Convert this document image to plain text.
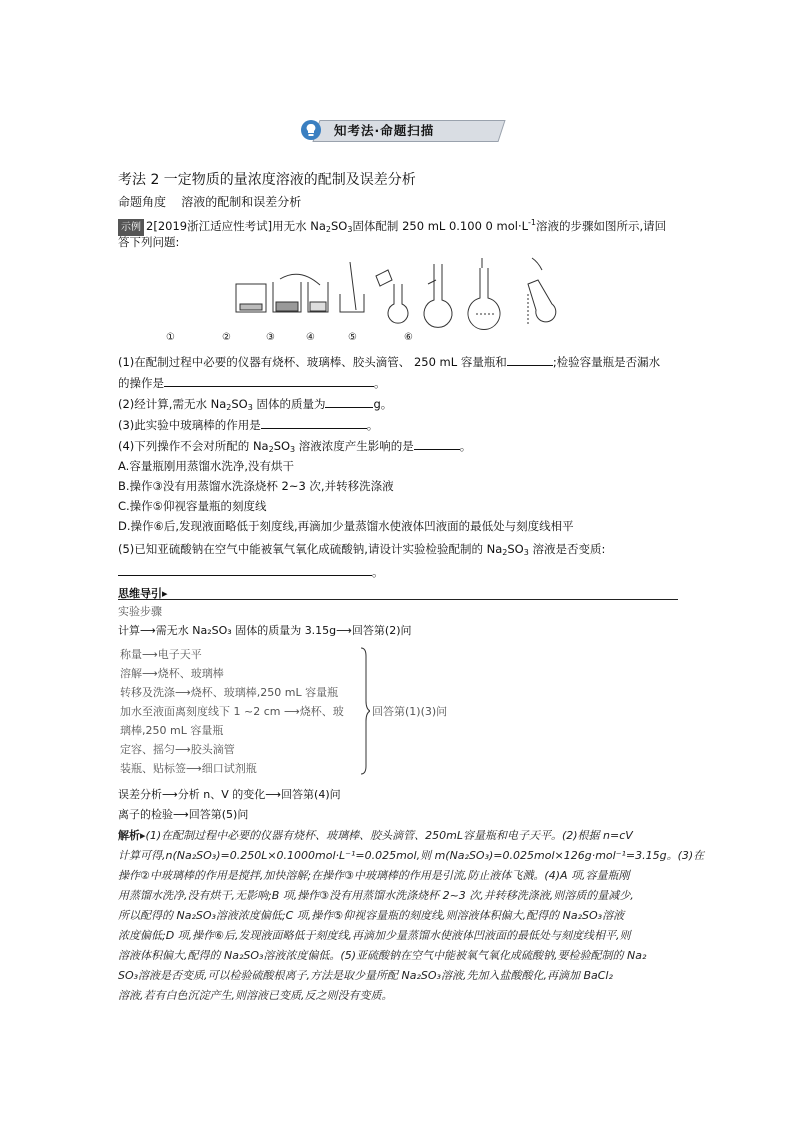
知考法·命题扫描
考法 2 一定物质的量浓度溶液的配制及误差分析
命题角度 溶液的配制和误差分析
示例 2[2019浙江适应性考试]用无水 $Na_2SO_3$固体配制 250 mL 0.100 0 $mol\cdot L^{-1}$溶液的步骤如图所示,请回
答下列问题:
①	②	③	④	⑤	⑥
(1)在配制过程中必要的仪器有烧杯、玻璃棒、胶头滴管、 250 mL 容量瓶和	;检验容量瓶是否漏水
的操作是	。
(2)经计算,需无水 $Na_2SO_3$ 固体的质量为	g。
(3)此实验中玻璃棒的作用是	。
(4)下列操作不会对所配的 $Na_2SO_3$ 溶液浓度产生影响的是	。
A.容量瓶刚用蒸馏水洗净,没有烘干
B.操作③没有用蒸馏水洗涤烧杯 2~3 次,并转移洗涤液
C.操作⑤仰视容量瓶的刻度线
D.操作⑥后,发现液面略低于刻度线,再滴加少量蒸馏水使液体凹液面的最低处与刻度线相平
(5)已知亚硫酸钠在空气中能被氧气氧化成硫酸钠,请设计实验检验配制的 $Na_2SO_3$ 溶液是否变质:
。
思维导引▸
实验步骤
计算⟶需无水 Na₂SO₃ 固体的质量为 3.15g⟶回答第(2)问
称量⟶电子天平
溶解⟶烧杯、玻璃棒
转移及洗涤⟶烧杯、玻璃棒,250 mL 容量瓶
加水至液面离刻度线下 1 ~2 cm ⟶烧杯、玻
璃棒,250 mL 容量瓶
定容、摇匀⟶胶头滴管
装瓶、贴标签⟶细口试剂瓶
回答第(1)(3)问
误差分析⟶分析 n、V 的变化⟶回答第(4)问
离子的检验⟶回答第(5)问
解析▸(1)在配制过程中必要的仪器有烧杯、玻璃棒、胶头滴管、250mL容量瓶和电子天平。(2)根据 n=cV
计算可得,n(Na₂SO₃)=0.250L×0.1000mol·L⁻¹=0.025mol,则 m(Na₂SO₃)=0.025mol×126g·mol⁻¹=3.15g。(3)在
操作②中玻璃棒的作用是搅拌,加快溶解;在操作③中玻璃棒的作用是引流,防止液体飞溅。(4)A 项,容量瓶刚
用蒸馏水洗净,没有烘干,无影响;B 项,操作③没有用蒸馏水洗涤烧杯 2~3 次,并转移洗涤液,则溶质的量减少,
所以配得的 Na₂SO₃溶液浓度偏低;C 项,操作⑤仰视容量瓶的刻度线,则溶液体积偏大,配得的 Na₂SO₃溶液
浓度偏低;D 项,操作⑥后,发现液面略低于刻度线,再滴加少量蒸馏水使液体凹液面的最低处与刻度线相平,则
溶液体积偏大,配得的 Na₂SO₃溶液浓度偏低。(5)亚硫酸钠在空气中能被氧气氧化成硫酸钠,要检验配制的 Na₂
SO₃溶液是否变质,可以检验硫酸根离子,方法是取少量所配 Na₂SO₃溶液,先加入盐酸酸化,再滴加 BaCl₂
溶液,若有白色沉淀产生,则溶液已变质,反之则没有变质。
